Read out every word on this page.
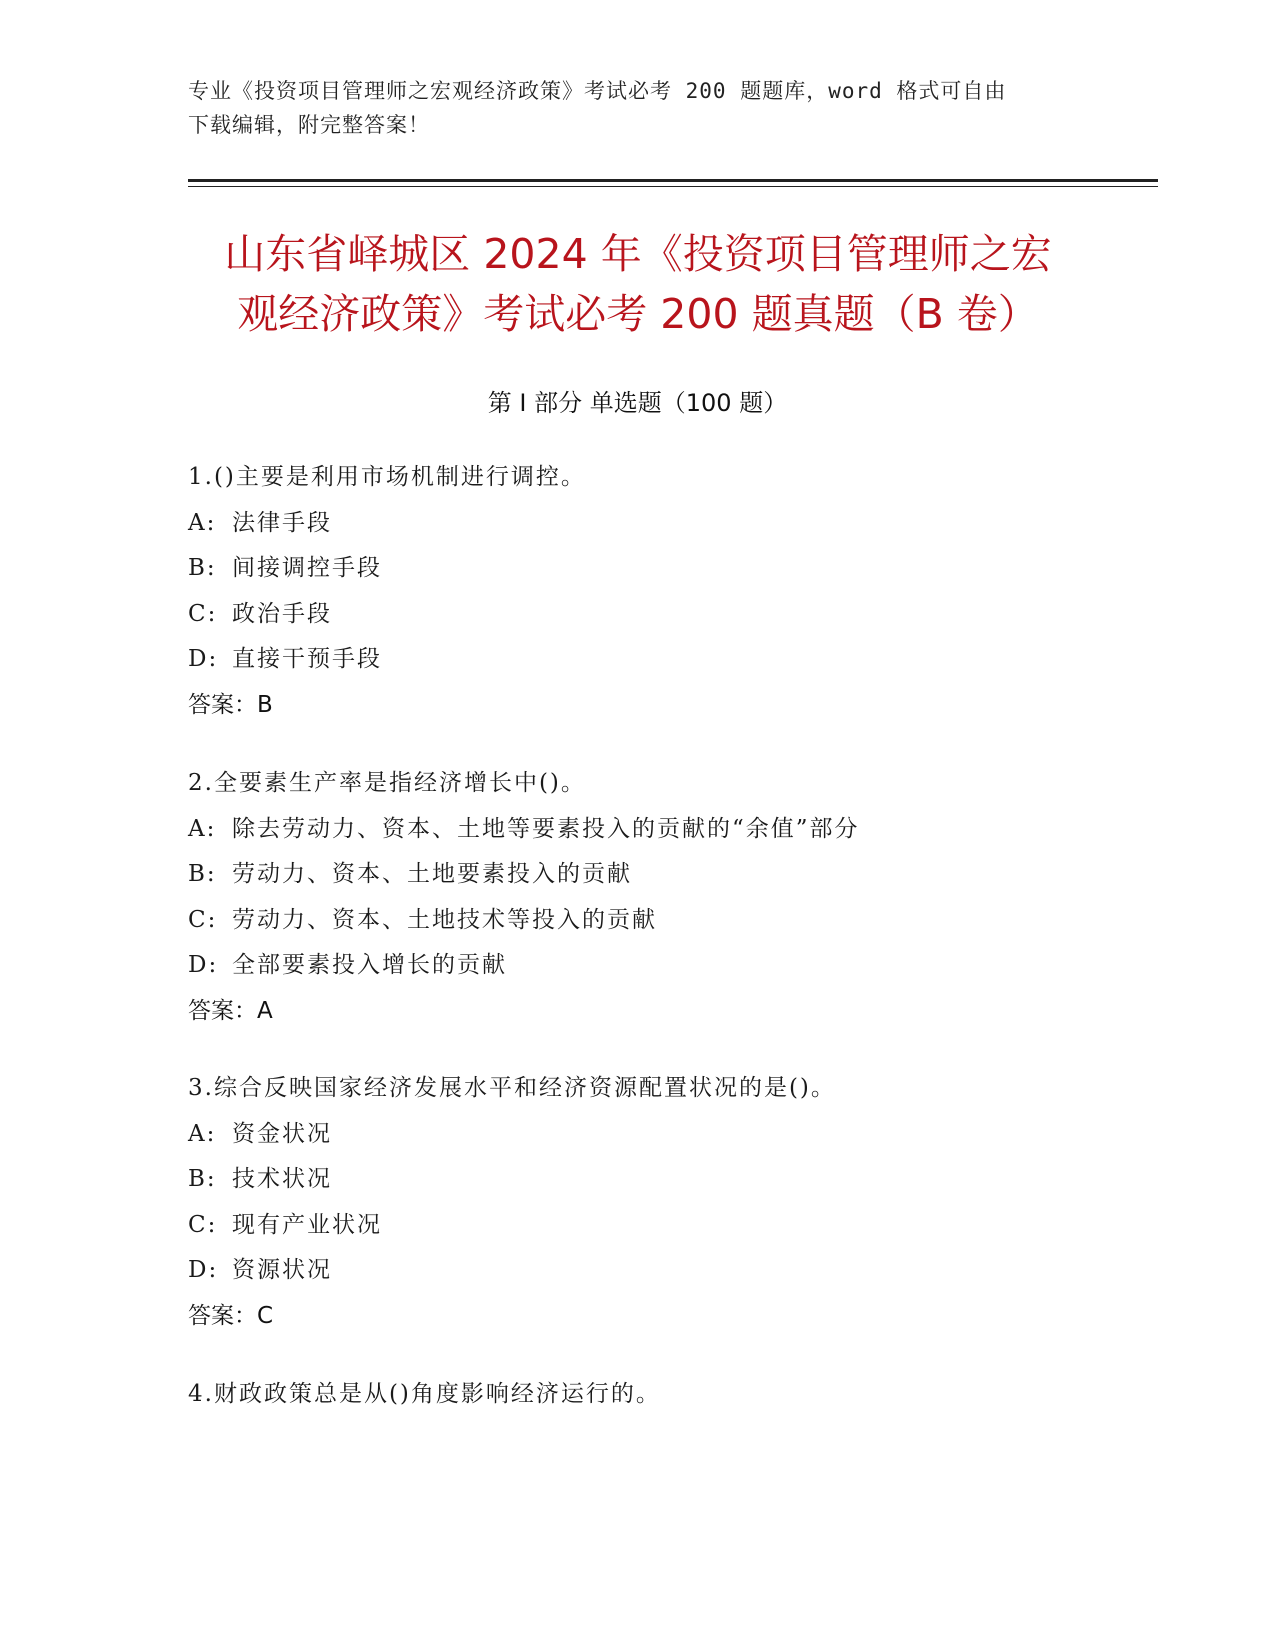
专业《投资项目管理师之宏观经济政策》考试必考 200 题题库，word 格式可自由
下载编辑，附完整答案！
山东省峄城区 2024 年《投资项目管理师之宏
观经济政策》考试必考 200 题真题（B 卷）
第 I 部分 单选题（100 题）
1.()主要是利用市场机制进行调控。
A: 法律手段
B: 间接调控手段
C: 政治手段
D: 直接干预手段
答案：B
2.全要素生产率是指经济增长中()。
A: 除去劳动力、资本、土地等要素投入的贡献的“余值”部分
B: 劳动力、资本、土地要素投入的贡献
C: 劳动力、资本、土地技术等投入的贡献
D: 全部要素投入增长的贡献
答案：A
3.综合反映国家经济发展水平和经济资源配置状况的是()。
A: 资金状况
B: 技术状况
C: 现有产业状况
D: 资源状况
答案：C
4.财政政策总是从()角度影响经济运行的。
